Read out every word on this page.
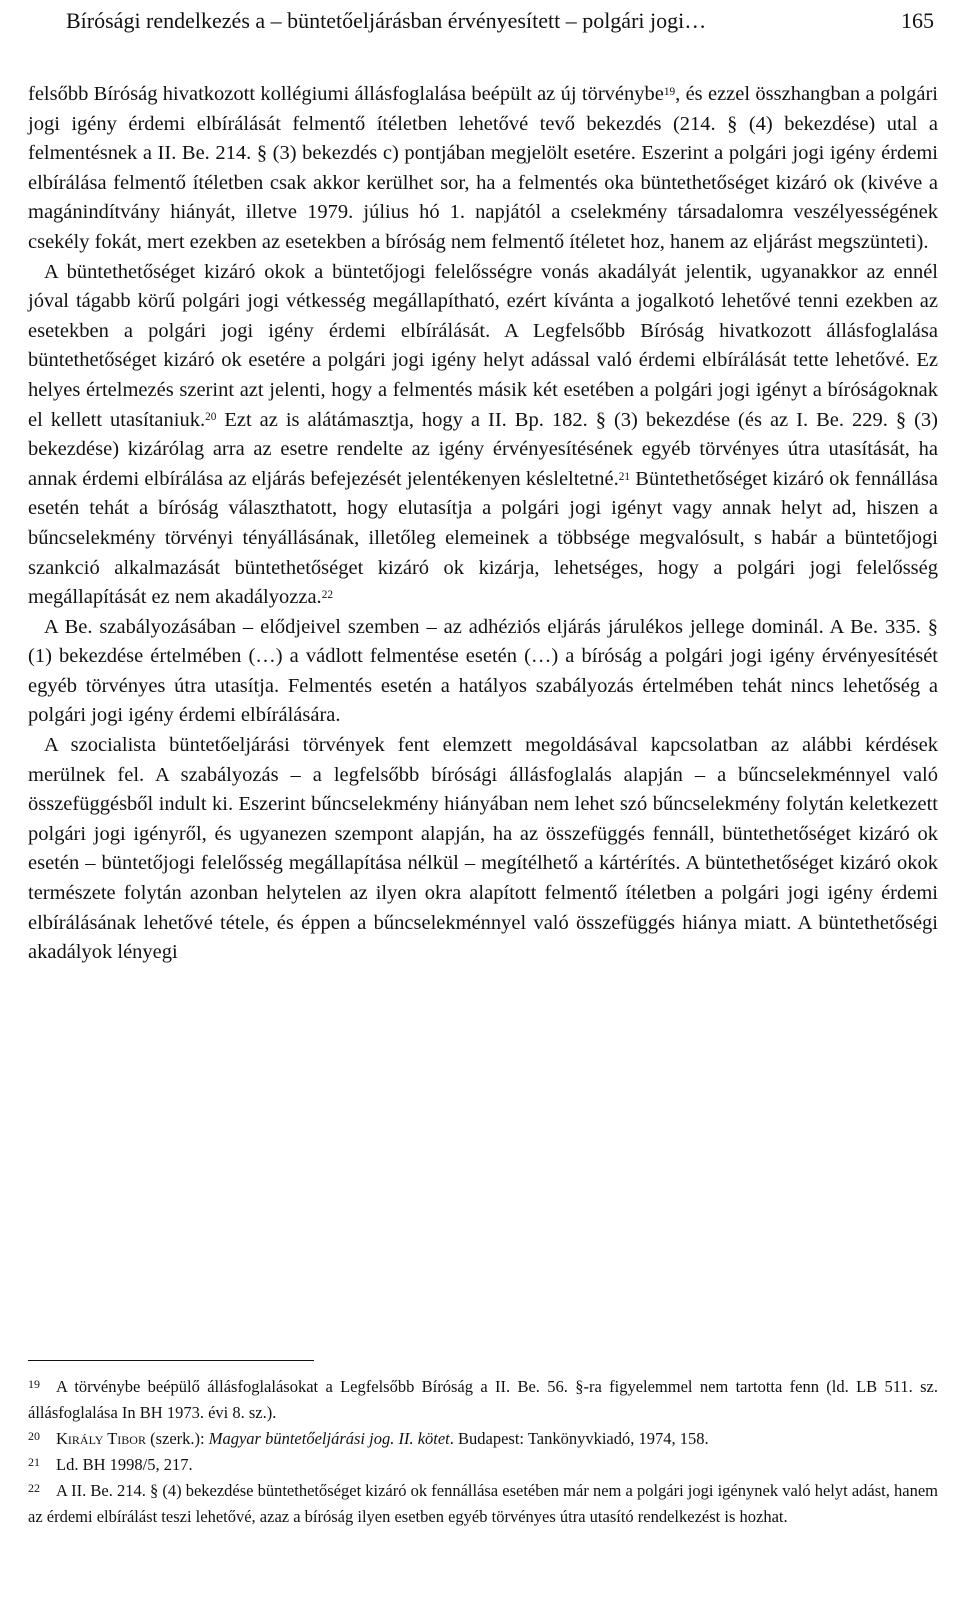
Bírósági rendelkezés a – büntetőeljárásban érvényesített – polgári jogi…	165

felsőbb Bíróság hivatkozott kollégiumi állásfoglalása beépült az új törvénybe$^{19}$, és ezzel összhangban a polgári jogi igény érdemi elbírálását felmentő ítéletben lehetővé tevő bekezdés (214. § (4) bekezdése) utal a felmentésnek a II. Be. 214. § (3) bekezdés c) pontjában megjelölt esetére. Eszerint a polgári jogi igény érdemi elbírálása felmentő ítéletben csak akkor kerülhet sor, ha a felmentés oka büntethetőséget kizáró ok (kivéve a magánindítvány hiányát, illetve 1979. július hó 1. napjától a cselekmény társadalomra veszélyességének csekély fokát, mert ezekben az esetekben a bíróság nem felmentő ítéletet hoz, hanem az eljárást megszünteti).

A büntethetőséget kizáró okok a büntetőjogi felelősségre vonás akadályát jelentik, ugyanakkor az ennél jóval tágabb körű polgári jogi vétkesség megállapítható, ezért kívánta a jogalkotó lehetővé tenni ezekben az esetekben a polgári jogi igény érdemi elbírálását. A Legfelsőbb Bíróság hivatkozott állásfoglalása büntethetőséget kizáró ok esetére a polgári jogi igény helyt adással való érdemi elbírálását tette lehetővé. Ez helyes értelmezés szerint azt jelenti, hogy a felmentés másik két esetében a polgári jogi igényt a bíróságoknak el kellett utasítaniuk.$^{20}$ Ezt az is alátámasztja, hogy a II. Bp. 182. § (3) bekezdése (és az I. Be. 229. § (3) bekezdése) kizárólag arra az esetre rendelte az igény érvényesítésének egyéb törvényes útra utasítását, ha annak érdemi elbírálása az eljárás befejezését jelentékenyen késleltetné.$^{21}$ Büntethetőséget kizáró ok fennállása esetén tehát a bíróság választhatott, hogy elutasítja a polgári jogi igényt vagy annak helyt ad, hiszen a bűncselekmény törvényi tényállásának, illetőleg elemeinek a többsége megvalósult, s habár a büntetőjogi szankció alkalmazását büntethetőséget kizáró ok kizárja, lehetséges, hogy a polgári jogi felelősség megállapítását ez nem akadályozza.$^{22}$

A Be. szabályozásában – elődjeivel szemben – az adhéziós eljárás járulékos jellege dominál. A Be. 335. § (1) bekezdése értelmében (…) a vádlott felmentése esetén (…) a bíróság a polgári jogi igény érvényesítését egyéb törvényes útra utasítja. Felmentés esetén a hatályos szabályozás értelmében tehát nincs lehetőség a polgári jogi igény érdemi elbírálására.

A szocialista büntetőeljárási törvények fent elemzett megoldásával kapcsolatban az alábbi kérdések merülnek fel. A szabályozás – a legfelsőbb bírósági állásfoglalás alapján – a bűncselekménnyel való összefüggésből indult ki. Eszerint bűncselekmény hiányában nem lehet szó bűncselekmény folytán keletkezett polgári jogi igényről, és ugyanezen szempont alapján, ha az összefüggés fennáll, büntethetőséget kizáró ok esetén – büntetőjogi felelősség megállapítása nélkül – megítélhető a kártérítés. A büntethetőséget kizáró okok természete folytán azonban helytelen az ilyen okra alapított felmentő ítéletben a polgári jogi igény érdemi elbírálásának lehetővé tétele, és éppen a bűncselekménnyel való összefüggés hiánya miatt. A büntethetőségi akadályok lényegi

19 A törvénybe beépülő állásfoglalásokat a Legfelsőbb Bíróság a II. Be. 56. §-ra figyelemmel nem tartotta fenn (ld. LB 511. sz. állásfoglalása In BH 1973. évi 8. sz.).
20 Király Tibor (szerk.): Magyar büntetőeljárási jog. II. kötet. Budapest: Tankönyvkiadó, 1974, 158.
21 Ld. BH 1998/5, 217.
22 A II. Be. 214. § (4) bekezdése büntethetőséget kizáró ok fennállása esetében már nem a polgári jogi igénynek való helyt adást, hanem az érdemi elbírálást teszi lehetővé, azaz a bíróság ilyen esetben egyéb törvényes útra utasító rendelkezést is hozhat.
